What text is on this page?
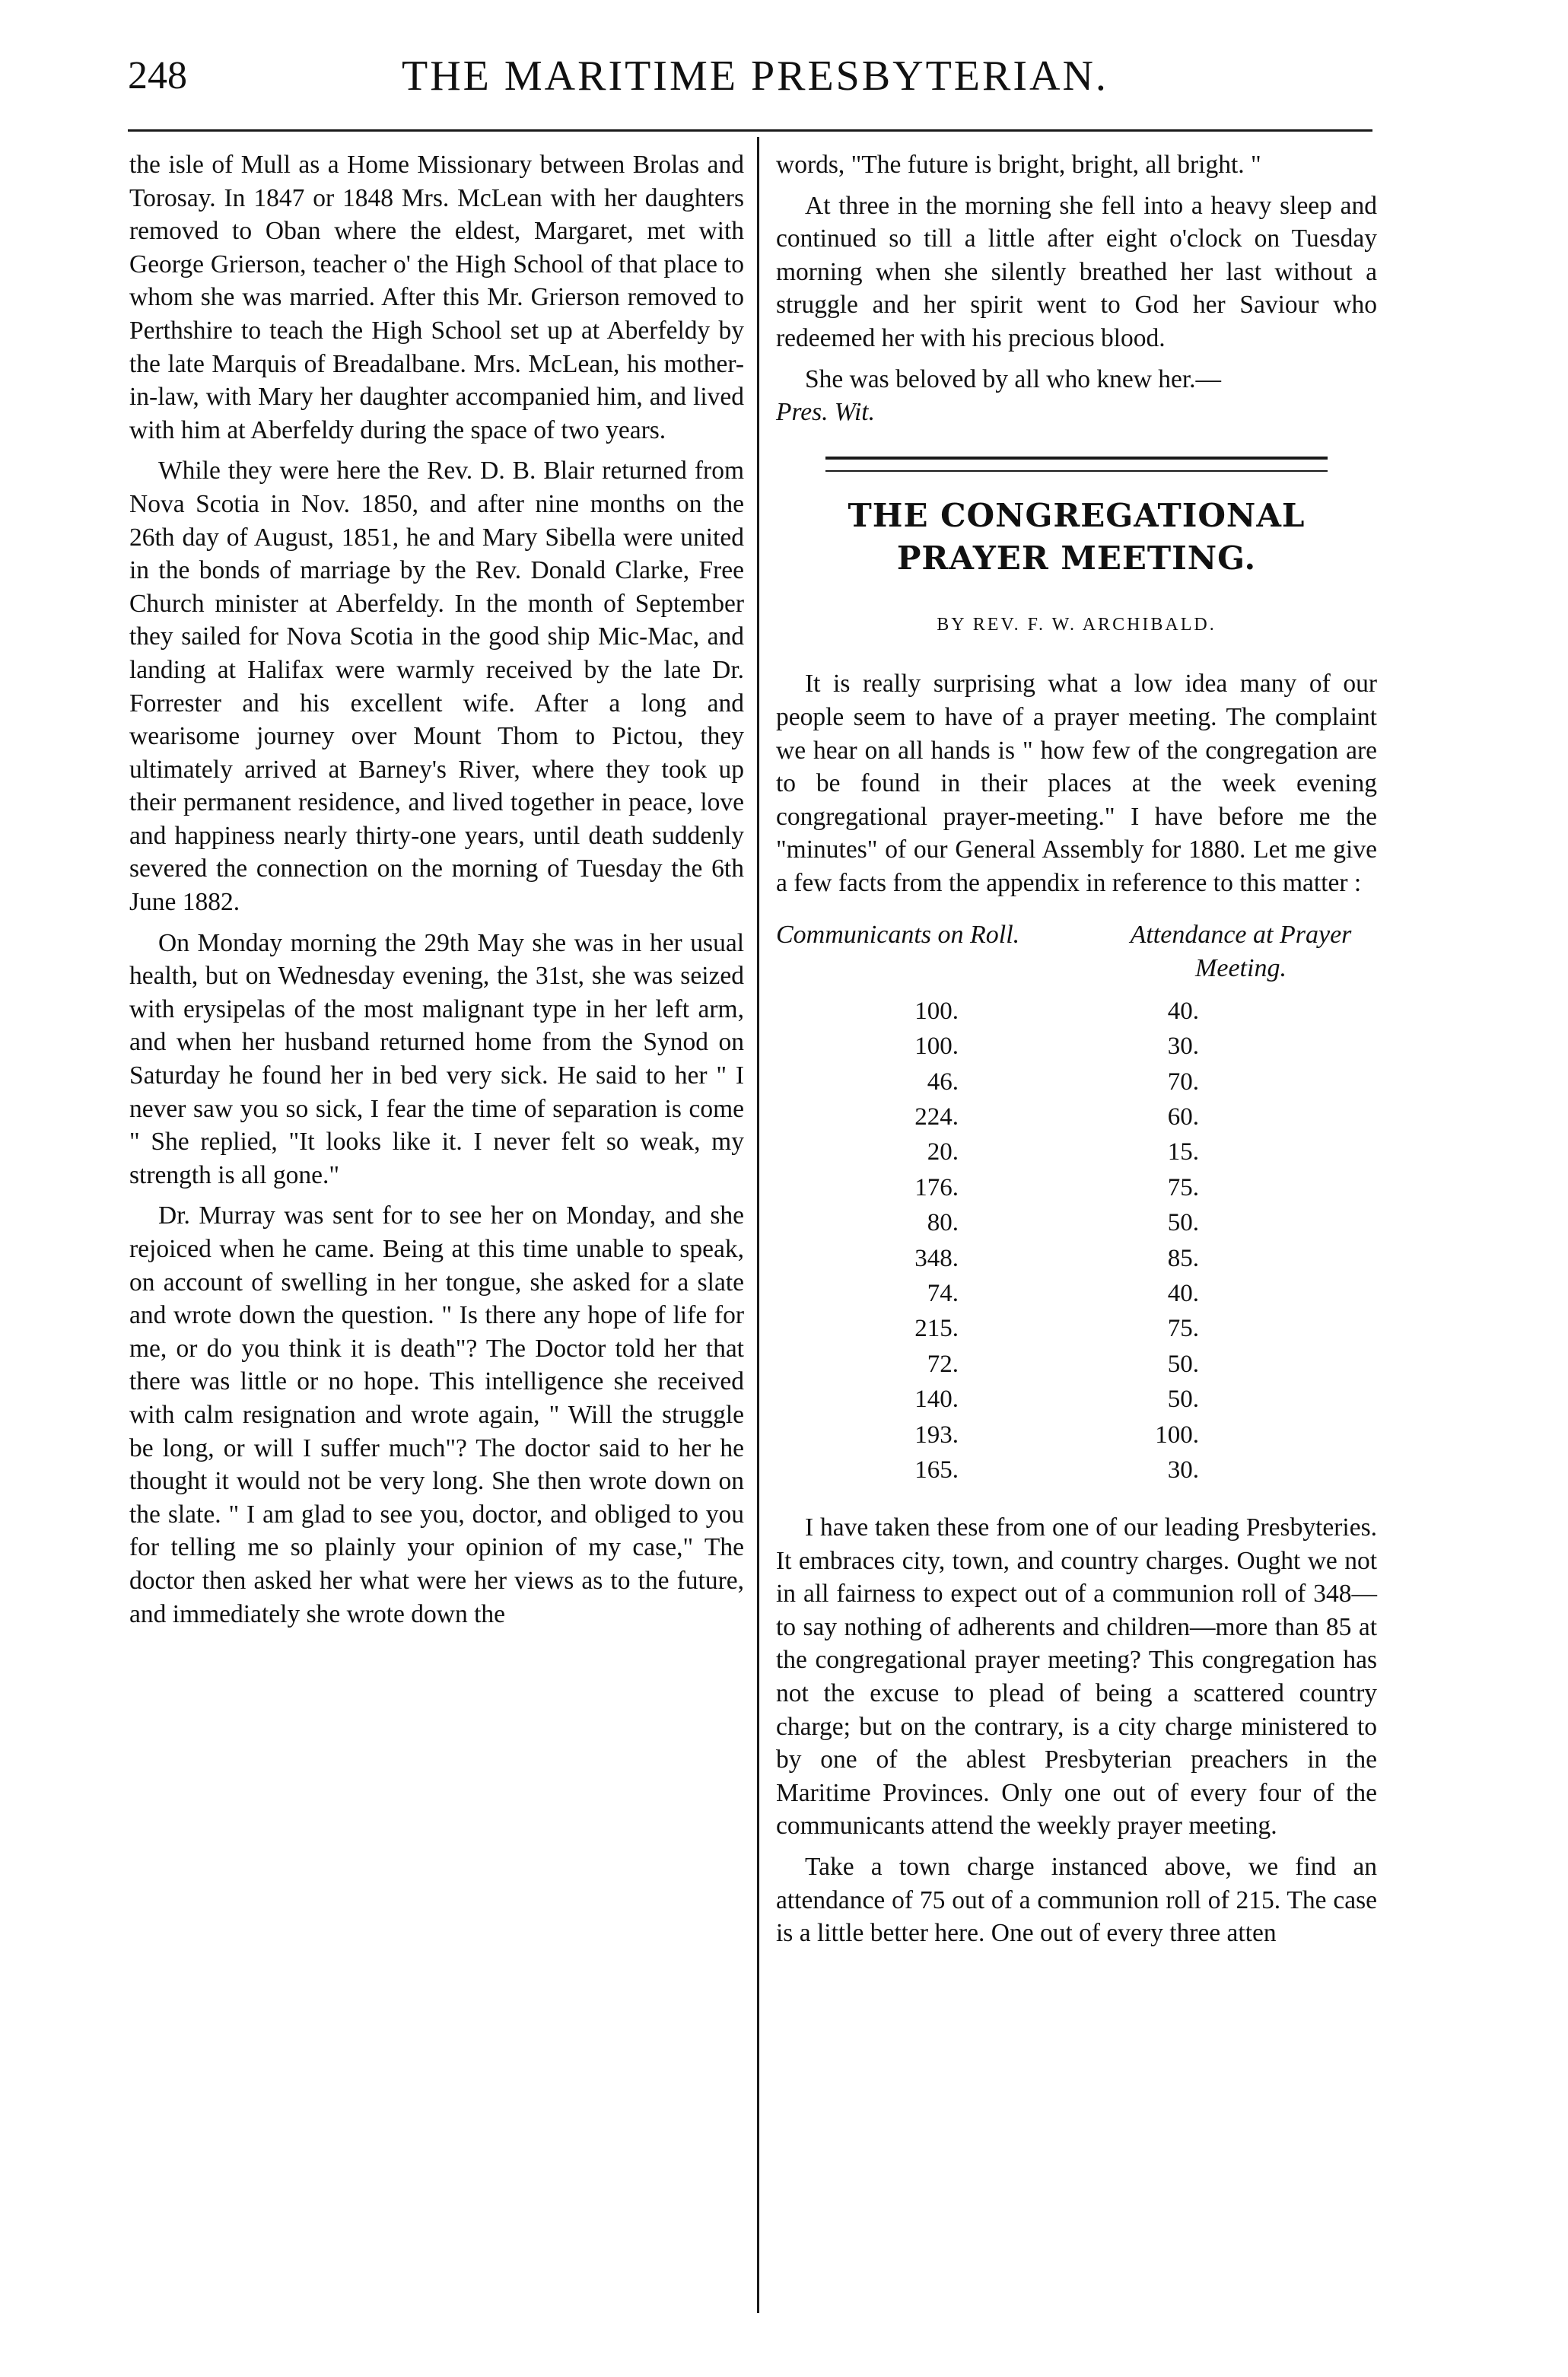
248	THE MARITIME PRESBYTERIAN.

the isle of Mull as a Home Missionary between Brolas and Torosay. In 1847 or 1848 Mrs. McLean with her daughters removed to Oban where the eldest, Margaret, met with George Grierson, teacher o' the High School of that place to whom she was married. After this Mr. Grierson removed to Perthshire to teach the High School set up at Aberfeldy by the late Marquis of Breadalbane. Mrs. McLean, his mother-in-law, with Mary her daughter accompanied him, and lived with him at Aberfeldy during the space of two years.

While they were here the Rev. D. B. Blair returned from Nova Scotia in Nov. 1850, and after nine months on the 26th day of August, 1851, he and Mary Sibella were united in the bonds of marriage by the Rev. Donald Clarke, Free Church minister at Aberfeldy. In the month of September they sailed for Nova Scotia in the good ship Mic-Mac, and landing at Halifax were warmly received by the late Dr. Forrester and his excellent wife. After a long and wearisome journey over Mount Thom to Pictou, they ultimately arrived at Barney's River, where they took up their permanent residence, and lived together in peace, love and happiness nearly thirty-one years, until death suddenly severed the connection on the morning of Tuesday the 6th June 1882.

On Monday morning the 29th May she was in her usual health, but on Wednesday evening, the 31st, she was seized with erysipelas of the most malignant type in her left arm, and when her husband returned home from the Synod on Saturday he found her in bed very sick. He said to her " I never saw you so sick, I fear the time of separation is come " She replied, "It looks like it. I never felt so weak, my strength is all gone."

Dr. Murray was sent for to see her on Monday, and she rejoiced when he came. Being at this time unable to speak, on account of swelling in her tongue, she asked for a slate and wrote down the question. " Is there any hope of life for me, or do you think it is death"? The Doctor told her that there was little or no hope. This intelligence she received with calm resignation and wrote again, " Will the struggle be long, or will I suffer much"? The doctor said to her he thought it would not be very long. She then wrote down on the slate. " I am glad to see you, doctor, and obliged to you for telling me so plainly your opinion of my case," The doctor then asked her what were her views as to the future, and immediately she wrote down the

words, "The future is bright, bright, all bright. "

At three in the morning she fell into a heavy sleep and continued so till a little after eight o'clock on Tuesday morning when she silently breathed her last without a struggle and her spirit went to God her Saviour who redeemed her with his precious blood.

She was beloved by all who knew her.—
Pres. Wit.

THE CONGREGATIONAL PRAYER MEETING.
BY REV. F. W. ARCHIBALD.

It is really surprising what a low idea many of our people seem to have of a prayer meeting. The complaint we hear on all hands is " how few of the congregation are to be found in their places at the week evening congregational prayer-meeting." I have before me the "minutes" of our General Assembly for 1880. Let me give a few facts from the appendix in reference to this matter :

Communicants on Roll.	Attendance at Prayer Meeting.
100.	40.
100.	30.
46.	70.
224.	60.
20.	15.
176.	75.
80.	50.
348.	85.
74.	40.
215.	75.
72.	50.
140.	50.
193.	100.
165.	30.

I have taken these from one of our leading Presbyteries. It embraces city, town, and country charges. Ought we not in all fairness to expect out of a communion roll of 348—to say nothing of adherents and children—more than 85 at the congregational prayer meeting? This congregation has not the excuse to plead of being a scattered country charge; but on the contrary, is a city charge ministered to by one of the ablest Presbyterian preachers in the Maritime Provinces. Only one out of every four of the communicants attend the weekly prayer meeting.

Take a town charge instanced above, we find an attendance of 75 out of a communion roll of 215. The case is a little better here. One out of every three atten
